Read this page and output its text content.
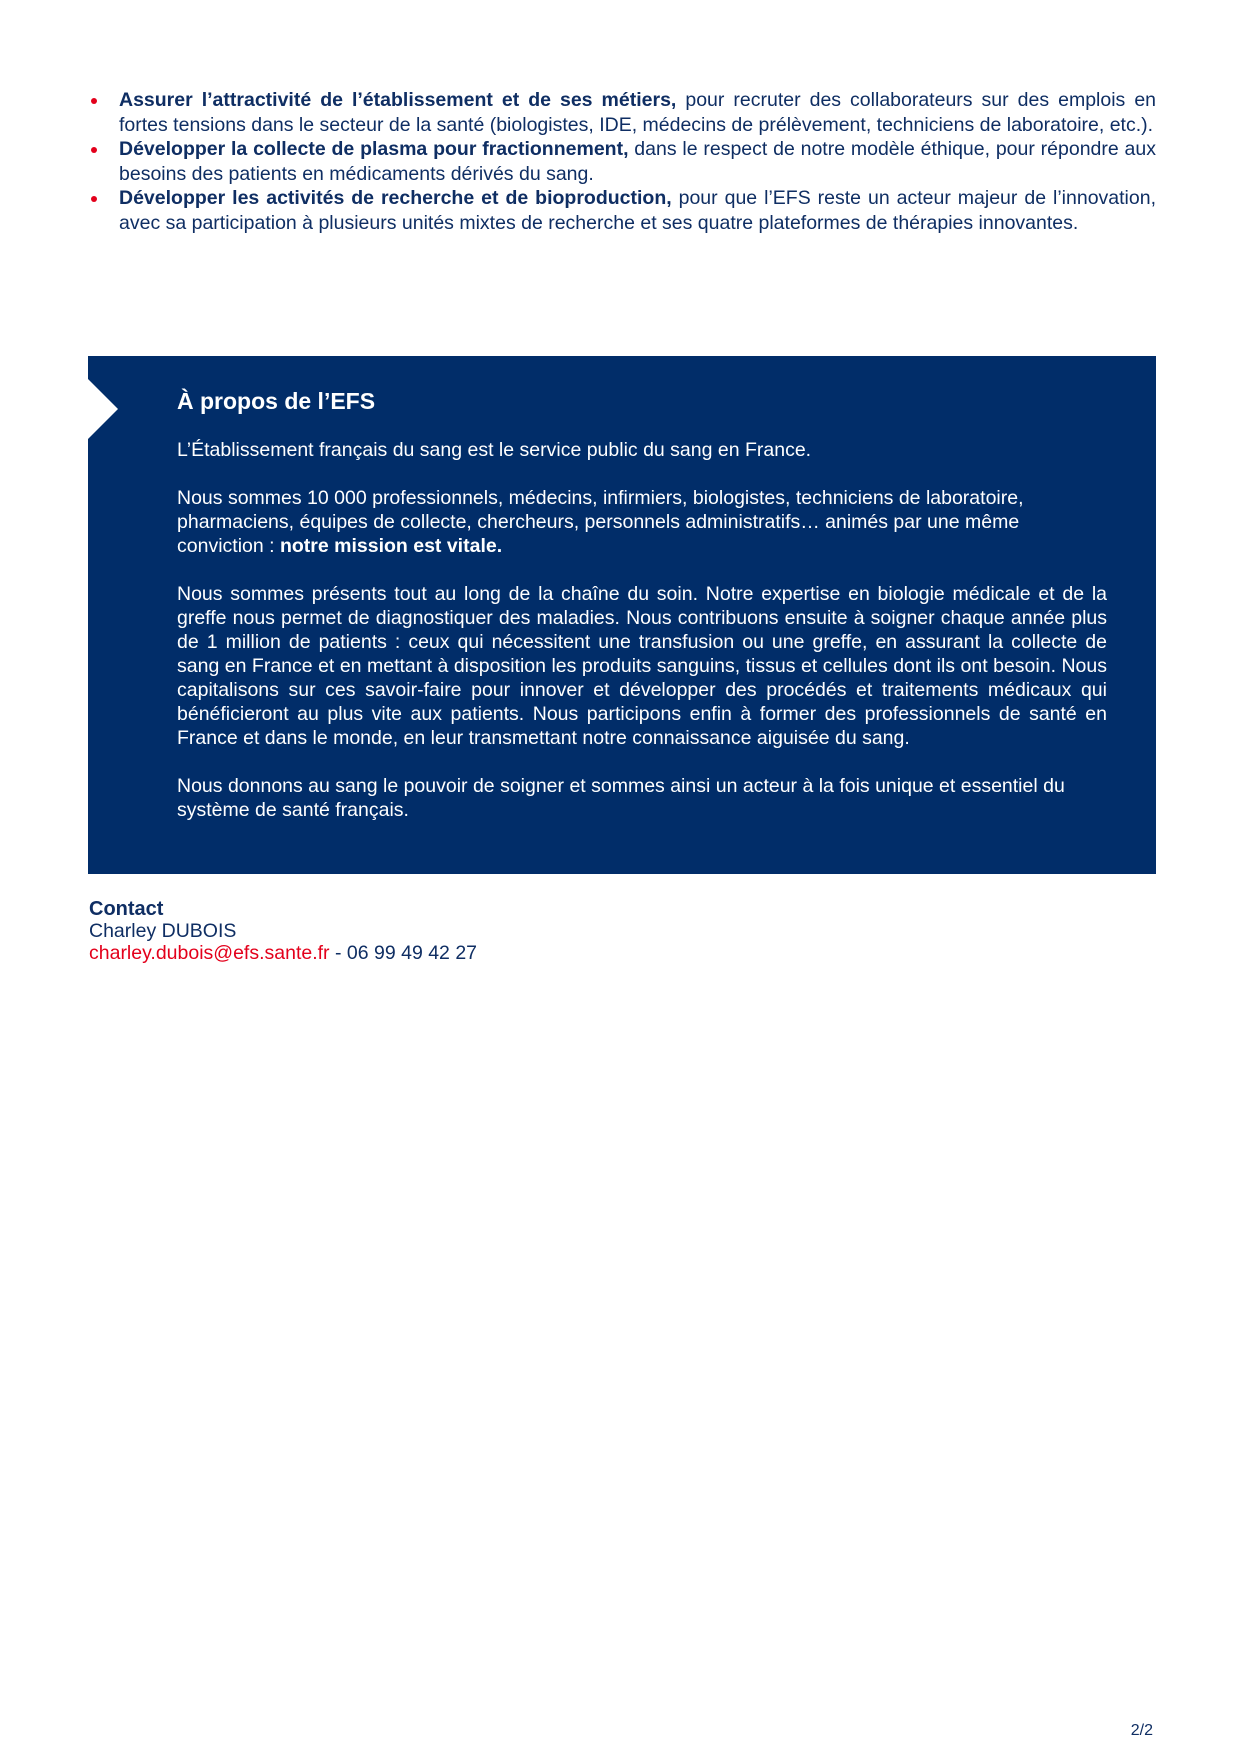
Assurer l’attractivité de l’établissement et de ses métiers, pour recruter des collaborateurs sur des emplois en fortes tensions dans le secteur de la santé (biologistes, IDE, médecins de prélèvement, techniciens de laboratoire, etc.).
Développer la collecte de plasma pour fractionnement, dans le respect de notre modèle éthique, pour répondre aux besoins des patients en médicaments dérivés du sang.
Développer les activités de recherche et de bioproduction, pour que l’EFS reste un acteur majeur de l’innovation, avec sa participation à plusieurs unités mixtes de recherche et ses quatre plateformes de thérapies innovantes.
À propos de l’EFS

L’Établissement français du sang est le service public du sang en France.

Nous sommes 10 000 professionnels, médecins, infirmiers, biologistes, techniciens de laboratoire, pharmaciens, équipes de collecte, chercheurs, personnels administratifs… animés par une même conviction : notre mission est vitale.

Nous sommes présents tout au long de la chaîne du soin. Notre expertise en biologie médicale et de la greffe nous permet de diagnostiquer des maladies. Nous contribuons ensuite à soigner chaque année plus de 1 million de patients : ceux qui nécessitent une transfusion ou une greffe, en assurant la collecte de sang en France et en mettant à disposition les produits sanguins, tissus et cellules dont ils ont besoin. Nous capitalisons sur ces savoir-faire pour innover et développer des procédés et traitements médicaux qui bénéficieront au plus vite aux patients. Nous participons enfin à former des professionnels de santé en France et dans le monde, en leur transmettant notre connaissance aiguisée du sang.

Nous donnons au sang le pouvoir de soigner et sommes ainsi un acteur à la fois unique et essentiel du système de santé français.

Contact
Charley DUBOIS
charley.dubois@efs.sante.fr - 06 99 49 42 27
2/2
